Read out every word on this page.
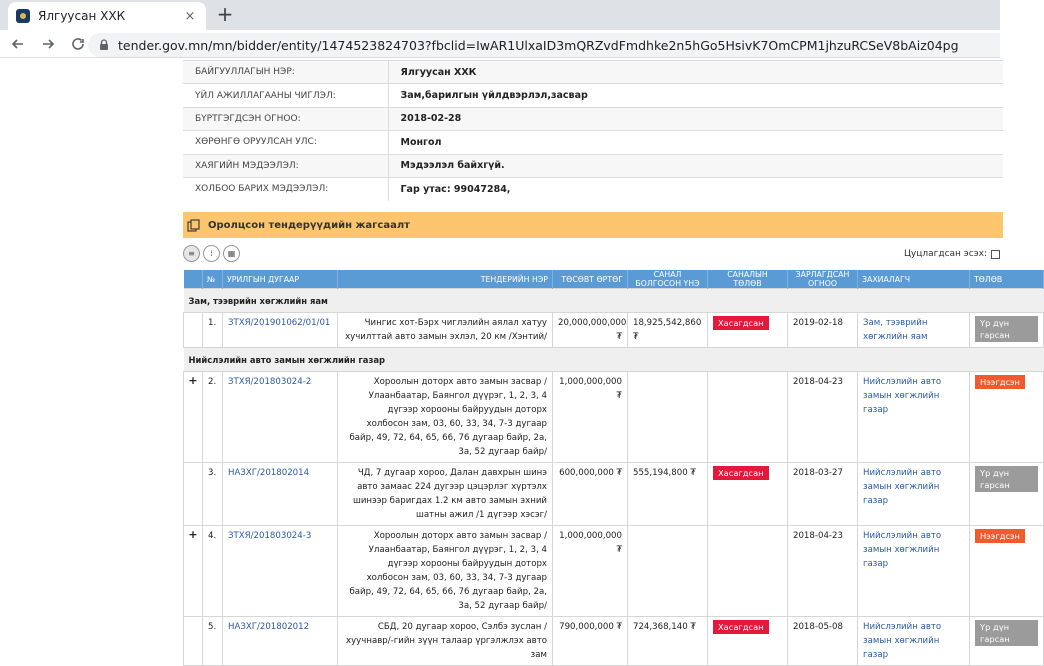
Ялгуусан ХХК	× +
tender.gov.mn/mn/bidder/entity/1474523824703?fbclid=IwAR1UlxaID3mQRZvdFmdhke2n5hGo5HsivK7OmCPM1jhzuRCSeV8bAiz04pg
БАЙГУУЛЛАГЫН НЭР:	Ялгуусан ХХК
ҮЙЛ АЖИЛЛАГААНЫ ЧИГЛЭЛ:	Зам,барилгын үйлдвэрлэл,засвар
БҮРТГЭГДСЭН ОГНОО:	2018-02-28
ХӨРӨНГӨ ОРУУЛСАН УЛС:	Монгол
ХАЯГИЙН МЭДЭЭЛЭЛ:	Мэдээлэл байхгүй.
ХОЛБОО БАРИХ МЭДЭЭЛЭЛ:	Гар утас: 99047284,
Оролцсон тендерүүдийн жагсаалт
≡	⁞	▦	Цуцлагдсан эсэх:
	№	УРИЛГЫН ДУГААР	ТЕНДЕРИЙН НЭР	ТӨСӨВТ ӨРТӨГ	САНАЛ БОЛГОСОН ҮНЭ	САНАЛЫН ТӨЛӨВ	ЗАРЛАГДСАН ОГНОО	ЗАХИАЛАГЧ	ТӨЛӨВ
Зам, тээврийн хөгжлийн яам									
	1.	ЗТХЯ/201901062/01/01	Чингис хот-Бэрх чиглэлийн аялал хатуу хучилттай авто замын эхлэл, 20 км /Хэнтий/	20,000,000,000 ₮	18,925,542,860 ₮	Хасагдсан	2019-02-18	Зам, тээврийн хөгжлийн яам	Үр дүн гарсан
Нийслэлийн авто замын хөгжлийн газар									
+	2.	ЗТХЯ/201803024-2	Хороолын доторх авто замын засвар / Улаанбаатар, Баянгол дүүрэг, 1, 2, 3, 4 дүгээр хорооны байруудын доторх холбосон зам, 03, 60, 33, 34, 7-3 дугаар байр, 49, 72, 64, 65, 66, 76 дугаар байр, 2а, 3а, 52 дугаар байр/	1,000,000,000 ₮			2018-04-23	Нийслэлийн авто замын хөгжлийн газар	Нээгдсэн
	3.	НАЗХГ/201802014	ЧД, 7 дугаар хороо, Далан давхрын шинэ авто замаас 224 дугээр цэцэрлэг хүртэлх шинээр баригдах 1.2 км авто замын эхний шатны ажил /1 дүгээр хэсэг/	600,000,000 ₮	555,194,800 ₮	Хасагдсан	2018-03-27	Нийслэлийн авто замын хөгжлийн газар	Үр дүн гарсан
+	4.	ЗТХЯ/201803024-3	Хороолын доторх авто замын засвар / Улаанбаатар, Баянгол дүүрэг, 1, 2, 3, 4 дүгээр хорооны байруудын доторх холбосон зам, 03, 60, 33, 34, 7-3 дугаар байр, 49, 72, 64, 65, 66, 76 дугаар байр, 2а, 3а, 52 дугаар байр/	1,000,000,000 ₮			2018-04-23	Нийслэлийн авто замын хөгжлийн газар	Нээгдсэн
	5.	НАЗХГ/201802012	СБД, 20 дугаар хороо, Сэлбэ зуслан /хуучнавр/-гийн зүүн талаар үргэлжлэх авто зам	790,000,000 ₮	724,368,140 ₮	Хасагдсан	2018-05-08	Нийслэлийн авто замын хөгжлийн газар	Үр дүн гарсан
